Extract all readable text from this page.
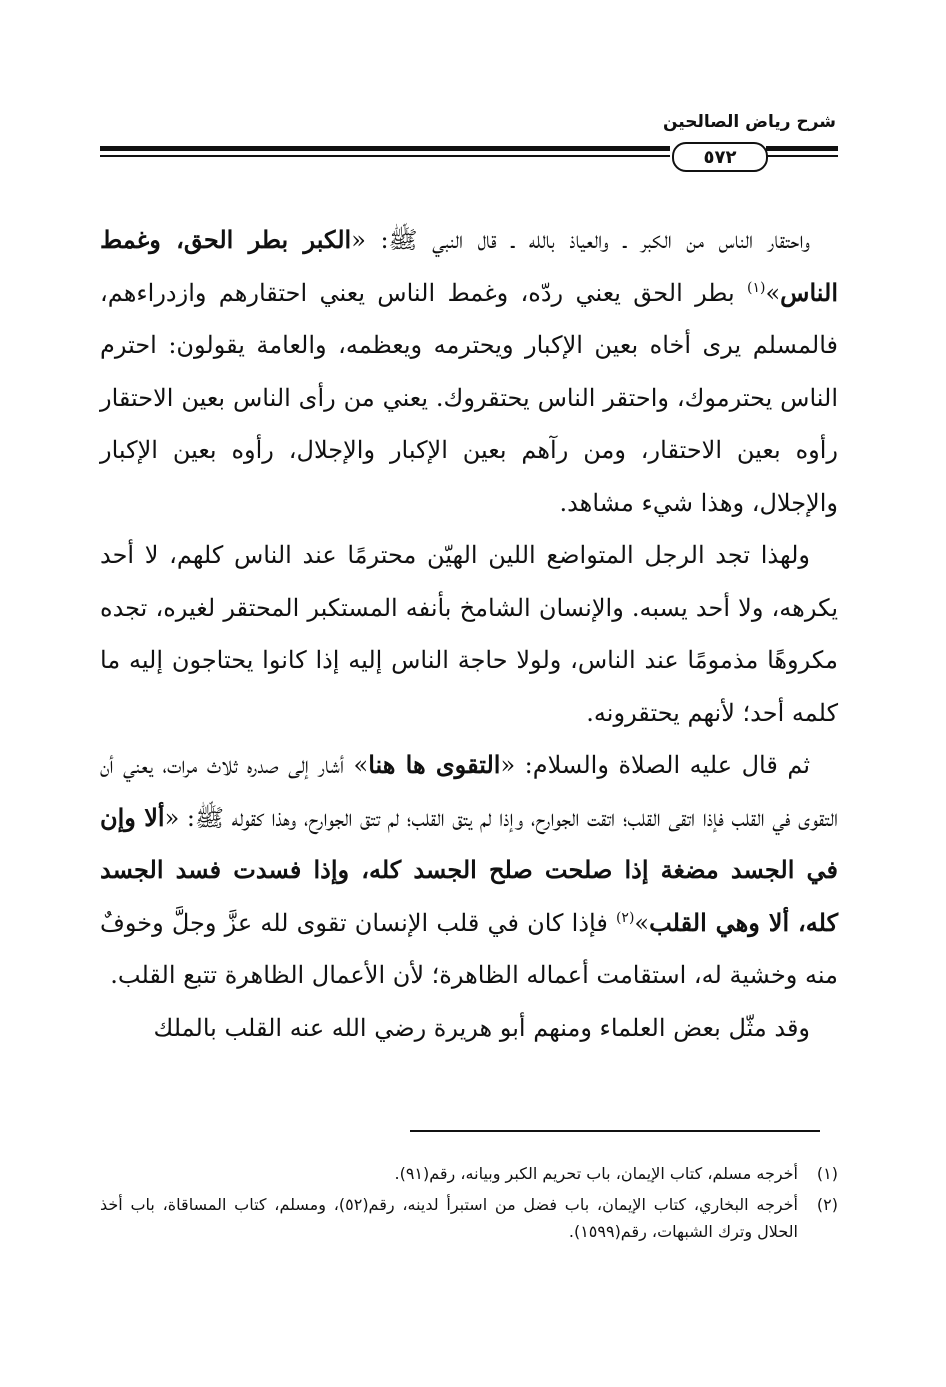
شرح رياض الصالحين
٥٧٢

واحتقار الناس من الكبر ـ والعياذ بالله ـ قال النبي ﷺ: «الكبر بطر الحق، وغمط الناس»$^{(١)}$ بطر الحق يعني ردّه، وغمط الناس يعني احتقارهم وازدراءهم، فالمسلم يرى أخاه بعين الإكبار ويحترمه ويعظمه، والعامة يقولون: احترم الناس يحترموك، واحتقر الناس يحتقروك. يعني من رأى الناس بعين الاحتقار رأوه بعين الاحتقار، ومن رآهم بعين الإكبار والإجلال، رأوه بعين الإكبار والإجلال، وهذا شيء مشاهد.

ولهذا تجد الرجل المتواضع اللين الهيّن محترمًا عند الناس كلهم، لا أحد يكرهه، ولا أحد يسبه. والإنسان الشامخ بأنفه المستكبر المحتقر لغيره، تجده مكروهًا مذمومًا عند الناس، ولولا حاجة الناس إليه إذا كانوا يحتاجون إليه ما كلمه أحد؛ لأنهم يحتقرونه.

ثم قال عليه الصلاة والسلام: «التقوى ها هنا» أشار إلى صدره ثلاث مرات، يعني أن التقوى في القلب فإذا اتقى القلب؛ اتقت الجوارح، وإذا لم يتق القلب؛ لم تتق الجوارح، وهذا كقوله ﷺ: «ألا وإن في الجسد مضغة إذا صلحت صلح الجسد كله، وإذا فسدت فسد الجسد كله، ألا وهي القلب»$^{(٢)}$ فإذا كان في قلب الإنسان تقوى لله عزَّ وجلَّ وخوفٌ منه وخشية له، استقامت أعماله الظاهرة؛ لأن الأعمال الظاهرة تتبع القلب.

وقد مثّل بعض العلماء ومنهم أبو هريرة رضي الله عنه القلب بالملك

(١)
أخرجه مسلم، كتاب الإيمان، باب تحريم الكبر وبيانه، رقم(٩١).
(٢)
أخرجه البخاري، كتاب الإيمان، باب فضل من استبرأ لدينه، رقم(٥٢)، ومسلم، كتاب المساقاة، باب أخذ الحلال وترك الشبهات، رقم(١٥٩٩).
